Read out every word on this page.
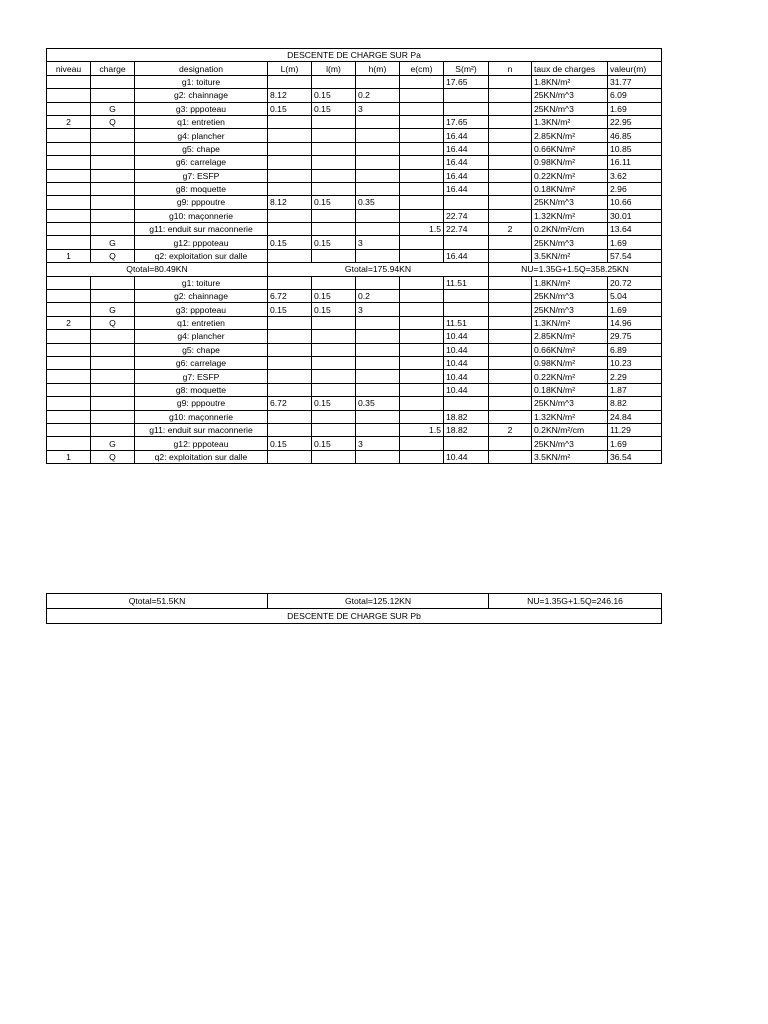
DESCENTE DE CHARGE SUR Pa										
niveau	charge	designation	L(m)	l(m)	h(m)	e(cm)	S(m²)	n	taux de charges	valeur(m)
		g1: toiture					17.65		1.8KN/m²	31.77
		g2: chainnage	8.12	0.15	0.2				25KN/m^3	6.09
	G	g3: pppoteau	0.15	0.15	3				25KN/m^3	1.69
2	Q	q1: entretien					17.65		1.3KN/m²	22.95
		g4: plancher					16.44		2.85KN/m²	46.85
		g5: chape					16.44		0.66KN/m²	10.85
		g6: carrelage					16.44		0.98KN/m²	16.11
		g7: ESFP					16.44		0.22KN/m²	3.62
		g8: moquette					16.44		0.18KN/m²	2.96
		g9: pppoutre	8.12	0.15	0.35				25KN/m^3	10.66
		g10: maçonnerie					22.74		1.32KN/m²	30.01
		g11: enduit sur maconnerie				1.5	22.74	2	0.2KN/m²/cm	13.64
	G	g12: pppoteau	0.15	0.15	3				25KN/m^3	1.69
1	Q	q2: exploitation sur dalle					16.44		3.5KN/m²	57.54
Qtotal=80.49KN			Gtotal=175.94KN					NU=1.35G+1.5Q=358.25KN		
		g1: toiture					11.51		1.8KN/m²	20.72
		g2: chainnage	6.72	0.15	0.2				25KN/m^3	5.04
	G	g3: pppoteau	0.15	0.15	3				25KN/m^3	1.69
2	Q	q1: entretien					11.51		1.3KN/m²	14.96
		g4: plancher					10.44		2.85KN/m²	29.75
		g5: chape					10.44		0.66KN/m²	6.89
		g6: carrelage					10.44		0.98KN/m²	10.23
		g7: ESFP					10.44		0.22KN/m²	2.29
		g8: moquette					10.44		0.18KN/m²	1.87
		g9: pppoutre	6.72	0.15	0.35				25KN/m^3	8.82
		g10: maçonnerie					18.82		1.32KN/m²	24.84
		g11: enduit sur maconnerie				1.5	18.82	2	0.2KN/m²/cm	11.29
	G	g12: pppoteau	0.15	0.15	3				25KN/m^3	1.69
1	Q	q2: exploitation sur dalle					10.44		3.5KN/m²	36.54
Qtotal=51.5KN	Gtotal=125.12KN	NU=1.35G+1.5Q=246.16
DESCENTE DE CHARGE SUR Pb
